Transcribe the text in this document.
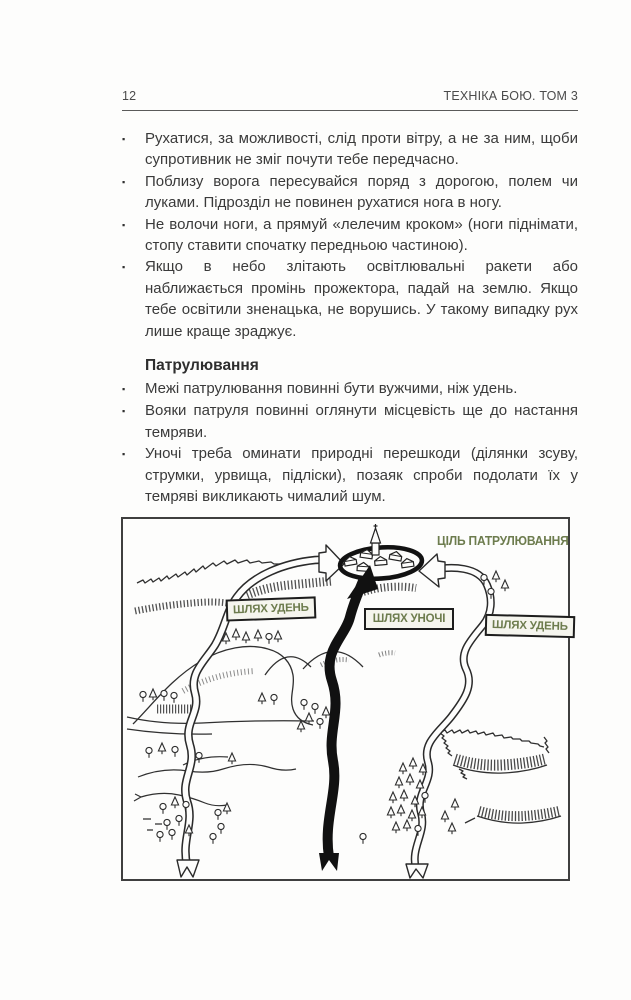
12	ТЕХНІКА БОЮ. ТОМ 3
▪	Рухатися, за можливості, слід проти вітру, а не за ним, щоби супротивник не зміг почути тебе передчасно.

▪	Поблизу ворога пересувайся поряд з дорогою, полем чи луками. Підрозділ не повинен рухатися нога в ногу.

▪	Не волочи ноги, а прямуй «лелечим кроком» (ноги піднімати, стопу ставити спочатку передньою частиною).

▪	Якщо в небо злітають освітлювальні ракети або наближається промінь прожектора, падай на землю. Якщо тебе освітили зненацька, не ворушись. У такому випадку рух лише краще зраджує.

Патрулювання
▪	Межі патрулювання повинні бути вужчими, ніж удень.

▪	Вояки патруля повинні оглянути місцевість ще до настання темряви.

▪	Уночі треба оминати природні перешкоди (ділянки зсуву, струмки, урвища, підліски), позаяк спроби подолати їх у темряві викликають чималий шум.

ЦІЛЬ ПАТРУЛЮВАННЯ
ШЛЯХ УДЕНЬ
ШЛЯХ УНОЧІ
ШЛЯХ УДЕНЬ
